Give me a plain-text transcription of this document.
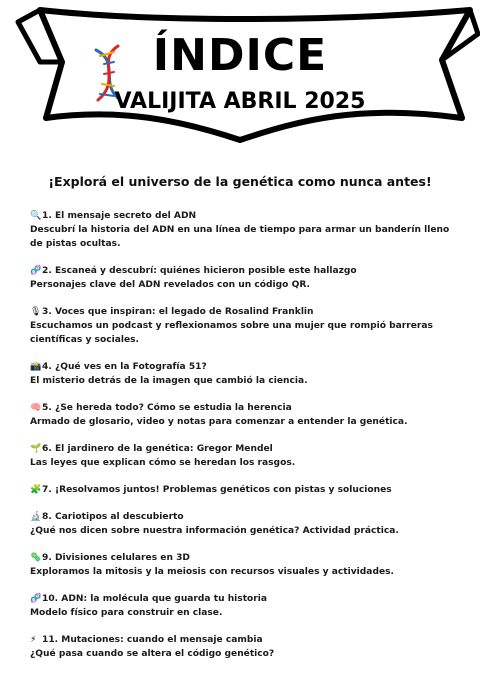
ÍNDICE
VALIJITA ABRIL 2025
¡Explorá el universo de la genética como nunca antes!
🔍1. El mensaje secreto del ADN
Descubrí la historia del ADN en una línea de tiempo para armar un banderín lleno de pistas ocultas.
🧬2. Escaneá y descubrí: quiénes hicieron posible este hallazgo
Personajes clave del ADN revelados con un código QR.
🎙3. Voces que inspiran: el legado de Rosalind Franklin
Escuchamos un podcast y reflexionamos sobre una mujer que rompió barreras científicas y sociales.
📸4. ¿Qué ves en la Fotografía 51?
El misterio detrás de la imagen que cambió la ciencia.
🧠5. ¿Se hereda todo? Cómo se estudia la herencia
Armado de glosario, video y notas para comenzar a entender la genética.
🌱6. El jardinero de la genética: Gregor Mendel
Las leyes que explican cómo se heredan los rasgos.
🧩7. ¡Resolvamos juntos! Problemas genéticos con pistas y soluciones
🔬8. Cariotipos al descubierto
¿Qué nos dicen sobre nuestra información genética? Actividad práctica.
🦠9. Divisiones celulares en 3D
Exploramos la mitosis y la meiosis con recursos visuales y actividades.
🧬10. ADN: la molécula que guarda tu historia
Modelo físico para construir en clase.
⚡ 11. Mutaciones: cuando el mensaje cambia
¿Qué pasa cuando se altera el código genético?
